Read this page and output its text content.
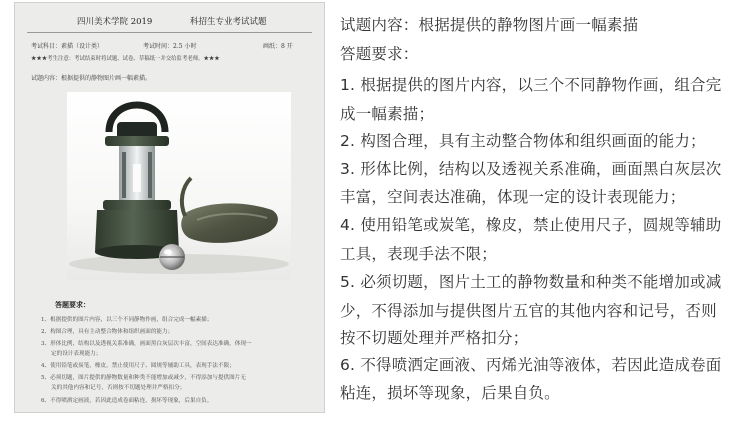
四川美术学院 2019	科招生专业考试试题
考试科目：素描（设计类）	考试时间：2.5 小时	画纸：8 开
★★★考生注意：考试结束时将试题、试卷、草稿纸一并交给监考老师。★★★
试题内容：根据提供的静物图片画一幅素描。
答题要求：
1、根据提供的图片内容，以三个不同静物作画，组合完成一幅素描；
2、构图合理，具有主动整合物体和组织画面的能力；
3、形体比例，结构以及透视关系准确，画面黑白灰层次丰富，空间表达准确，体现一
定的设计表现能力；
4、使用铅笔或炭笔，橡皮，禁止使用尺子、圆规等辅助工具，表现手法不限；
5、必须切题，图片提供的静物数量和种类不能增加或减少，不得添加与提供图片无
关的其他内容和记号，否则按不切题处理并严格扣分；
6、不得喷洒定画液，若因此造成卷面粘连，损坏等现象，后果自负。
试题内容：根据提供的静物图片画一幅素描
答题要求：
1. 根据提供的图片内容，以三个不同静物作画，组合完
成一幅素描；
2. 构图合理，具有主动整合物体和组织画面的能力；
3. 形体比例，结构以及透视关系准确，画面黑白灰层次
丰富，空间表达准确，体现一定的设计表现能力；
4. 使用铅笔或炭笔，橡皮，禁止使用尺子，圆规等辅助
工具，表现手法不限；
5. 必须切题，图片土工的静物数量和种类不能增加或减
少，不得添加与提供图片五官的其他内容和记号，否则
按不切题处理并严格扣分；
6. 不得喷洒定画液、丙烯光油等液体，若因此造成卷面
粘连，损坏等现象，后果自负。
